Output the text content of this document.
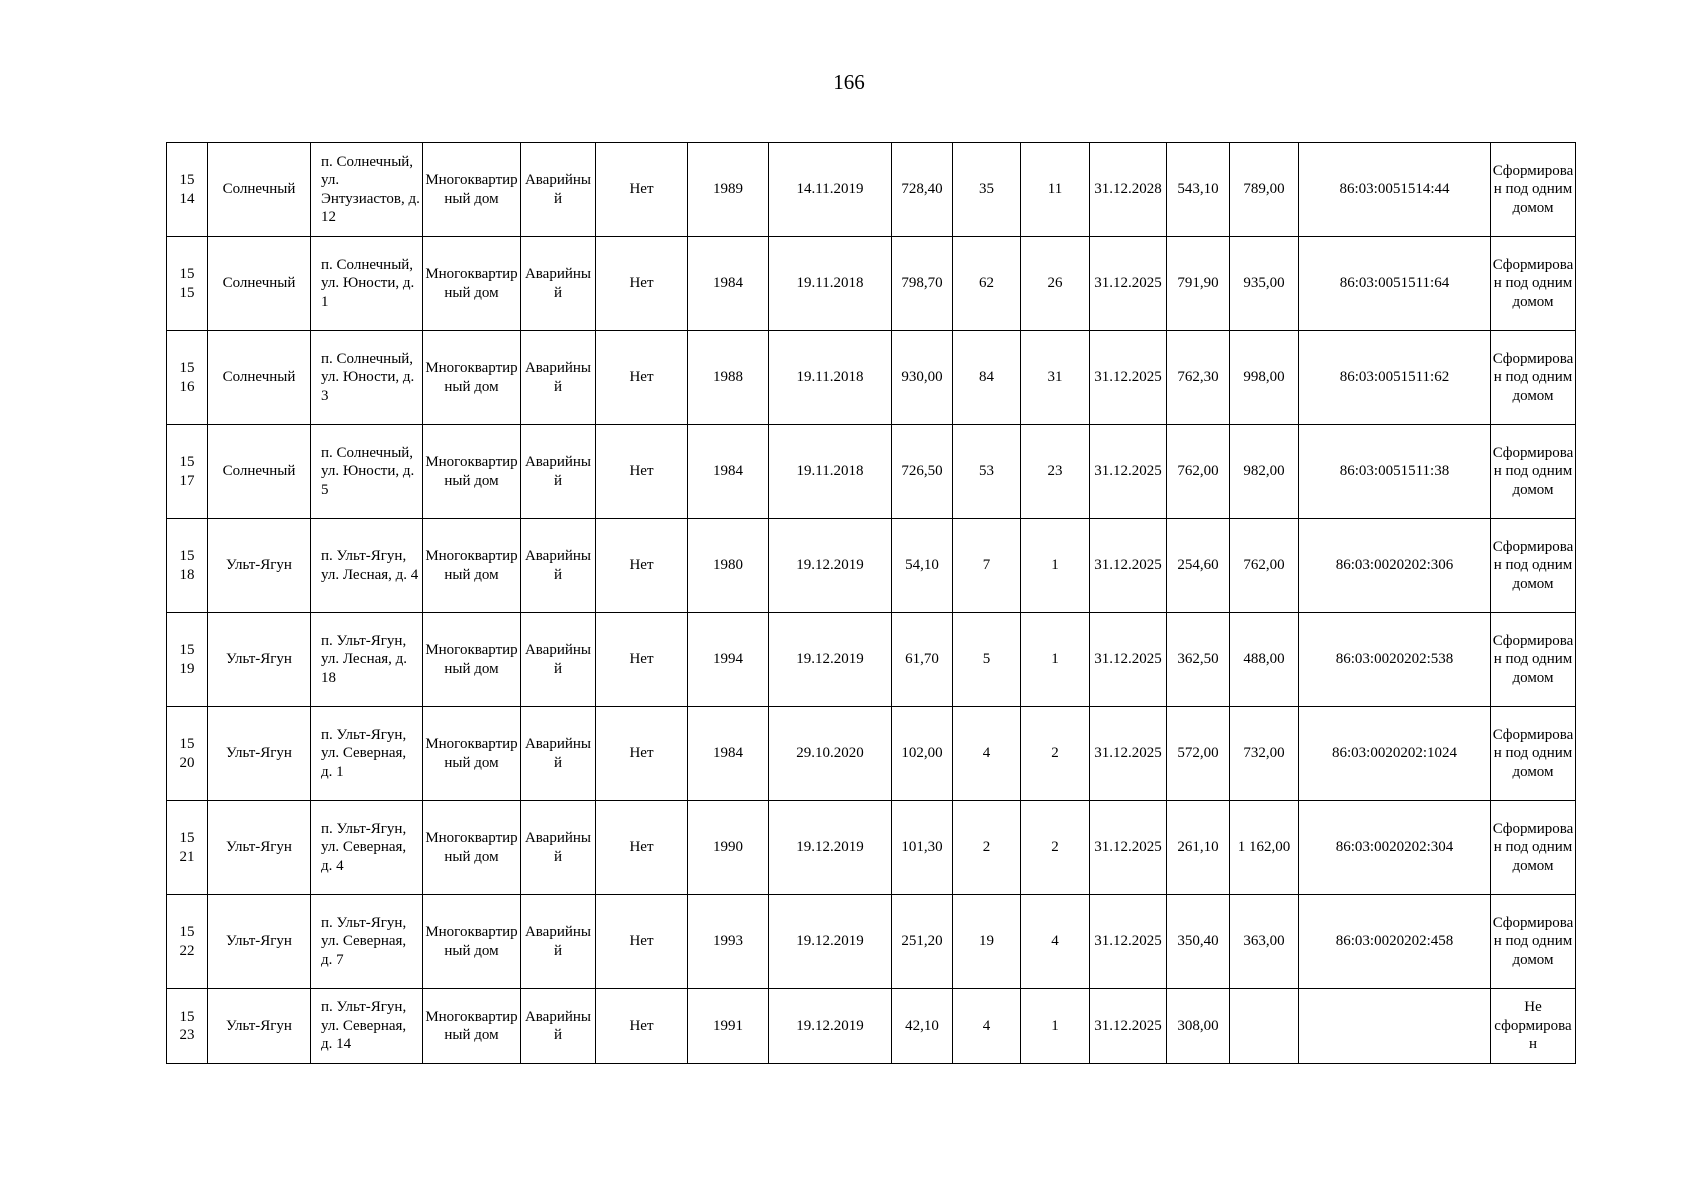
166
15 14	Солнечный	п. Солнечный, ул. Энтузиастов, д. 12	Многоквартирный дом	Аварийный	Нет	1989	14.11.2019	728,40	35	11	31.12.2028	543,10	789,00	86:03:0051514:44	Сформирован под одним домом
15 15	Солнечный	п. Солнечный, ул. Юности, д. 1	Многоквартирный дом	Аварийный	Нет	1984	19.11.2018	798,70	62	26	31.12.2025	791,90	935,00	86:03:0051511:64	Сформирован под одним домом
15 16	Солнечный	п. Солнечный, ул. Юности, д. 3	Многоквартирный дом	Аварийный	Нет	1988	19.11.2018	930,00	84	31	31.12.2025	762,30	998,00	86:03:0051511:62	Сформирован под одним домом
15 17	Солнечный	п. Солнечный, ул. Юности, д. 5	Многоквартирный дом	Аварийный	Нет	1984	19.11.2018	726,50	53	23	31.12.2025	762,00	982,00	86:03:0051511:38	Сформирован под одним домом
15 18	Ульт-Ягун	п. Ульт-Ягун, ул. Лесная, д. 4	Многоквартирный дом	Аварийный	Нет	1980	19.12.2019	54,10	7	1	31.12.2025	254,60	762,00	86:03:0020202:306	Сформирован под одним домом
15 19	Ульт-Ягун	п. Ульт-Ягун, ул. Лесная, д. 18	Многоквартирный дом	Аварийный	Нет	1994	19.12.2019	61,70	5	1	31.12.2025	362,50	488,00	86:03:0020202:538	Сформирован под одним домом
15 20	Ульт-Ягун	п. Ульт-Ягун, ул. Северная, д. 1	Многоквартирный дом	Аварийный	Нет	1984	29.10.2020	102,00	4	2	31.12.2025	572,00	732,00	86:03:0020202:1024	Сформирован под одним домом
15 21	Ульт-Ягун	п. Ульт-Ягун, ул. Северная, д. 4	Многоквартирный дом	Аварийный	Нет	1990	19.12.2019	101,30	2	2	31.12.2025	261,10	1 162,00	86:03:0020202:304	Сформирован под одним домом
15 22	Ульт-Ягун	п. Ульт-Ягун, ул. Северная, д. 7	Многоквартирный дом	Аварийный	Нет	1993	19.12.2019	251,20	19	4	31.12.2025	350,40	363,00	86:03:0020202:458	Сформирован под одним домом
15 23	Ульт-Ягун	п. Ульт-Ягун, ул. Северная, д. 14	Многоквартирный дом	Аварийный	Нет	1991	19.12.2019	42,10	4	1	31.12.2025	308,00			Не сформирован
